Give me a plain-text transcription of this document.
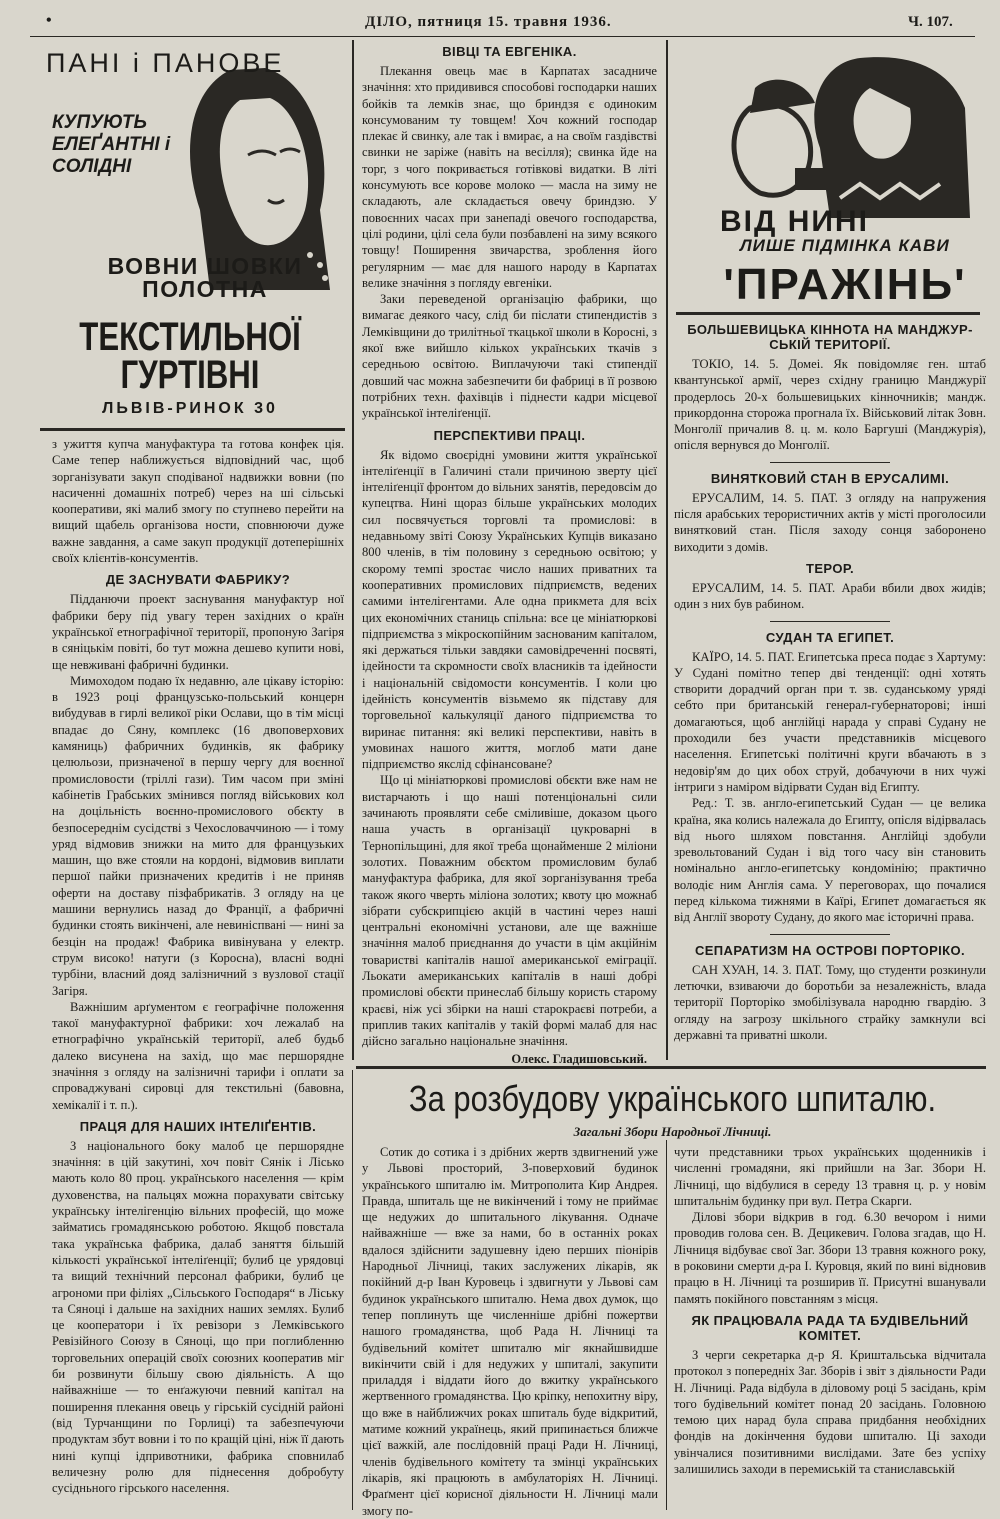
•	ДІЛО, пятниця 15. травня 1936.	Ч. 107.
ПАНІ і ПАНОВЕ
КУПУЮТЬ ЕЛЕҐАНТНІ і СОЛІДНІ
ВОВНИ ШОВКИ ПОЛОТНА
ТЕКСТИЛЬНОЇ ГУРТІВНІ
ЛЬВІВ-РИНОК 30

з ужиття купча мануфактура та готова конфек ція. Саме тепер наближується відповідний час, щоб зорганізувати закуп сподіваної надвижки вовни (по насиченні домашніх потреб) через на ші сільські кооперативи, які малиб змогу по ступнево перейти на вищий щабель організова ности, сповнюючи дуже важне завдання, а саме закуп продукції дотеперішніх своїх клієнтів-консументів.

ДЕ ЗАСНУВАТИ ФАБРИКУ?

Підданючи проект заснування мануфактур ної фабрики беру під увагу терен західних о країн української етнографічної території, пропоную Загіря в сяніцькім повіті, бо тут можна дешево купити нові, ще невживані фабричні будинки.

Мимоходом подаю їх недавню, але цікаву історію: в 1923 році французсько-польський концерн вибудував в гирлі великої ріки Ослави, що в тім місці впадає до Сяну, комплекс (16 двоповерхових камяниць) фабричних будинків, як фабрику целюльози, призначеної в першу чергу для воєнної промисловости (тріллі гази). Тим часом при зміні кабінетів Грабських змінився погляд військових кол на доцільність воєнно-промислового обєкту в безпосереднім сусідстві з Чехословаччиною — і тому уряд відмовив знижки на мито для французьких машин, що вже стояли на кордоні, відмовив виплати першої пайки призначених кредитів і не приняв оферти на доставу пізфабрикатів. З огляду на це машини вернулись назад до Франції, а фабричні будинки стоять викінчені, але невиніспвані — нині за безцін на продаж! Фабрика вивінувана у електр. струм високо! натуги (з Короснa), власні водні турбіни, власний дояд залізничний з вузлової стації Загіря.

Важнішим арґументом є географічне положення такої мануфактурної фабрики: хоч лежалаб на етнографічно українській території, алеб будьб далеко висунена на захід, що має першорядне значіння з огляду на залізничні тарифи і оплати за спроваджувані сировці для текстильні (бавовна, хемікалії і т. п.).

ПРАЦЯ ДЛЯ НАШИХ ІНТЕЛІҐЕНТІВ.

З національного боку малоб це першорядне значіння: в цій закутині, хоч повіт Сянік і Лісько мають коло 80 проц. українського населення — крім духовенства, на пальцях можна порахувати світську українську інтелігенцію вільних професій, що може займатись громадянською роботою. Якщоб повстала така українська фабрика, далаб заняття більшій кількості української інтеліґенції; булиб це урядовці та вищий технічний персонал фабрики, булиб це агрономи при філіях „Сільського Господаря“ в Ліську та Сяноці і дальше на західних наших землях. Булиб це кооператори і їх ревізори з Лемківського Ревізійного Союзу в Сяноці, що при поглибленню торговельних операцій своїх союзних кооператив міг би розвинути більшу свою діяльність. А що найважніше — то енґажуючи певний капітал на поширення плекання овець у гірській сусідній районі (від Турчанщини по Горлиці) та забезпечуючи продуктам збут вовни і то по кращій ціні, ніж її дають нині купці ідпривотники, фабрика сповнилаб величезну ролю для піднесення добробуту сусідньного гірського населення.

ВІВЦІ ТА ЕВГЕНІКА.

Плекання овець має в Карпатах засадниче значіння: хто придивився способові господарки наших бойків та лемків знає, що бриндзя є одиноким консумованим ту товщем! Хоч кожний господар плекає й свинку, але так і вмирає, а на своїм газдівстві свинки не заріже (навіть на весілля); свинка йде на торг, з чого покривається готівкові видатки. В літі консумують все корове молоко — масла на зиму не складають, але складається овечу бриндзю. У повоєнних часах при занепаді овечого господарства, цілі родини, цілі села були позбавлені на зиму всякого товщу! Поширення звичарства, зроблення його регулярним — має для нашого народу в Карпатах велике значіння з погляду евгеніки.

Заки переведеной організацію фабрики, що вимагає деякого часу, слід би післати стипендистів з Лемківщини до трилітньої ткацької школи в Коросні, з якої вже вийшло кількох українських ткачів з середньою освітою. Виплачуючи такі стипендії довший час можна забезпечити би фабриці в її розвою потрібних техн. фахівців і піднести кадри місцевої української інтеліґенції.

ПЕРСПЕКТИВИ ПРАЦІ.

Як відомо своєрідні умовини життя української інтеліґенції в Галичині стали причиною зверту цієї інтеліґенції фронтом до вільних занятів, передовсім до купецтва. Нині щораз більше українських молодих сил посвячується торговлі та промислові: в недавньому звіті Союзу Українських Купців виказано 800 членів, в тім половину з середньою освітою; у скорому темпі зростає число наших приватних та кооперативних промислових підприємств, ведених самими інтелігентами. Але одна прикмета для всіх цих економічних станиць спільна: все це мініатюркові підприємства з мікроскопійним заснованим капіталом, які держаться тільки завдяки самовідреченні посвяті, ідейности та скромности своїх власників та ідейности і національній свідомости консументів. І коли цю ідейність консументів візьмемо як підставу для торговельної калькуляції даного підприємства то виринає питання: які великі перспективи, навіть в умовинах нашого життя, моглоб мати дане підприємство якслід сфінансоване?

Що ці мініатюркові промислові обєкти вже нам не вистарчають і що наші потенціональні сили зачинають проявляти себе сміливіше, доказом цього наша участь в організації цукроварні в Тернопільщині, для якої треба щонайменше 2 міліони золотих. Поважним обєктом промисловим булаб мануфактура фабрика, для якої зорганізування треба також якого чверть міліона золотих; квоту цю можнаб зібрати субскрипцією акцій в частині через наші центральні економічні установи, але ще важніше значіння малоб приєднання до участи в цім акційнім товаристві капіталів нашої американської еміграції. Льокати американських капіталів в наші добрі промислові обєкти принеслаб більшу користь старому краєві, ніж усі збірки на наші старокраєві потреби, а приплив таких капіталів у такій формі малаб для нас дійсно загально національне значіння.

Олекс. Гладишовський.
ВІД НИНІ
ЛИШЕ ПІДМІНКА КАВИ
'ПРАЖІНЬ'
БОЛЬШЕВИЦЬКА КІННОТА НА МАНДЖУР-СЬКІЙ ТЕРИТОРІЇ.

ТОКІО, 14. 5. Домеі. Як повідомляє ген. штаб квантунської армії, через східну границю Манджурії продерлось 20-х большевицьких кінночників; мандж. прикордонна сторожа прогнала їх. Військовий літак Зовн. Монголії причалив 8. ц. м. коло Баргуші (Манджурія), опісля вернувся до Монголії.

ВИНЯТКОВИЙ СТАН В ЕРУСАЛИМІ.

ЕРУСАЛИМ, 14. 5. ПАТ. З огляду на напружения після арабських терористичних актів у місті проголосили виняткoвий стан. Після заходу сонця заборонено виходити з домів.

ТЕРОР.

ЕРУСАЛИМ, 14. 5. ПАТ. Араби вбили двох жидів; один з них був рабином.

СУДАН ТА ЕГИПЕТ.

КАЇРО, 14. 5. ПАТ. Египетська преса подає з Хартуму: У Судані помітно тепер дві тенденції: одні хотять створити дорадчий орган при т. зв. суданському уряді себто при британській генерал-губернаторові; інші домагаються, щоб англійці нарада у справі Судану не проходили без участи представників місцевого населення. Египетські політичні круги вбачають в з недовір'ям до цих обох струй, добачуючи в них чужі інтриги з наміром відірвати Судан від Египту.

Ред.: Т. зв. англо-египетський Судан — це велика країна, яка колись належала до Египту, опісля відірвалась від нього шляхом повстання. Англійці здобули зревольтований Судан і від того часу він становить номінально англо-египетську кондомінію; практично володіє ним Англія сама. У переговорах, що почалися перед кількома тижнями в Каїрі, Египет домагається як від Англії звороту Судану, до якого має історичні права.

СЕПАРАТИЗМ НА ОСТРОВІ ПОРТОРІКО.

САН ХУАН, 14. 3. ПАТ. Тому, що студенти розкинули летючки, взиваючи до боротьби за незалежність, влада території Порторіко змобілізувала народню гвардію. З огляду на загрозу шкільного страйку замкнули всі державні та приватні школи.

За розбудову українського шпиталю.
Загальні Збори Народньої Лічниці.

Сотик до сотика і з дрібних жертв здвигнений уже у Львові просторий, 3-поверховий будинок українського шпиталю ім. Митрополита Кир Андрея. Правда, шпиталь ще не викінчений і тому не приймає ще недужих до шпитального лікування. Одначе найважніше — вже за нами, бо в останніх роках вдалося здійснити задушевну ідею перших піонірів Народньої Лічниці, таких заслужених лікарів, як покійний д-р Іван Куровець і здвигнути у Львові сам будинок українського шпиталю. Нема двох думок, що тепер поплинуть ще численніше дрібні пожертви нашого громадянства, щоб Рада Н. Лічниці та будівельний комітет шпиталю міг якнайшвидше викінчити свій і для недужих у шпиталі, закупити приладдя і віддати його до вжитку українського жертвенного громадянства. Цю кріпку, непохитну віру, що вже в найближчих роках шпиталь буде відкритий, матиме кожний українець, який припинається ближче цієї важкій, але послідовній праці Ради Н. Лічниці, членів будівельного комітету та змінці українських лікарів, які працюють в амбулаторіях Н. Лічниці. Фраґмент цієї корисної діяльности Н. Лічниці мали змогу по-

чути представники трьох українських щоденників і численні громадяни, які прийшли на Заг. Збори Н. Лічниці, що відбулися в середу 13 травня ц. р. у новім шпитальнім будинку при вул. Петра Скарги.

Ділові збори відкрив в год. 6.30 вечором і ними проводив голова сен. В. Децикевич. Голова згадав, що Н. Лічниця відбуває свої Заг. Збори 13 травня кожного року, в роковини смерти д-ра І. Куровця, який по вині відновив працю в Н. Лічниці та розширив її. Присутні вшанували память покійного повстанням з місця.

ЯК ПРАЦЮВАЛА РАДА ТА БУДІВЕЛЬНИЙ КОМІТЕТ.

З черги секретарка д-р Я. Криштальська відчитала протокол з попередніх Заг. Зборів і звіт з діяльности Ради Н. Лічниці. Рада відбула в діловому році 5 засідань, крім того будівельний комітет понад 20 засідань. Головною темою цих нарад була справа придбання необхідних фондів на докінчення будови шпиталю. Ці заходи увінчалися позитивними вислідами. Зате без успіху залишились заходи в перемиській та станиславській
